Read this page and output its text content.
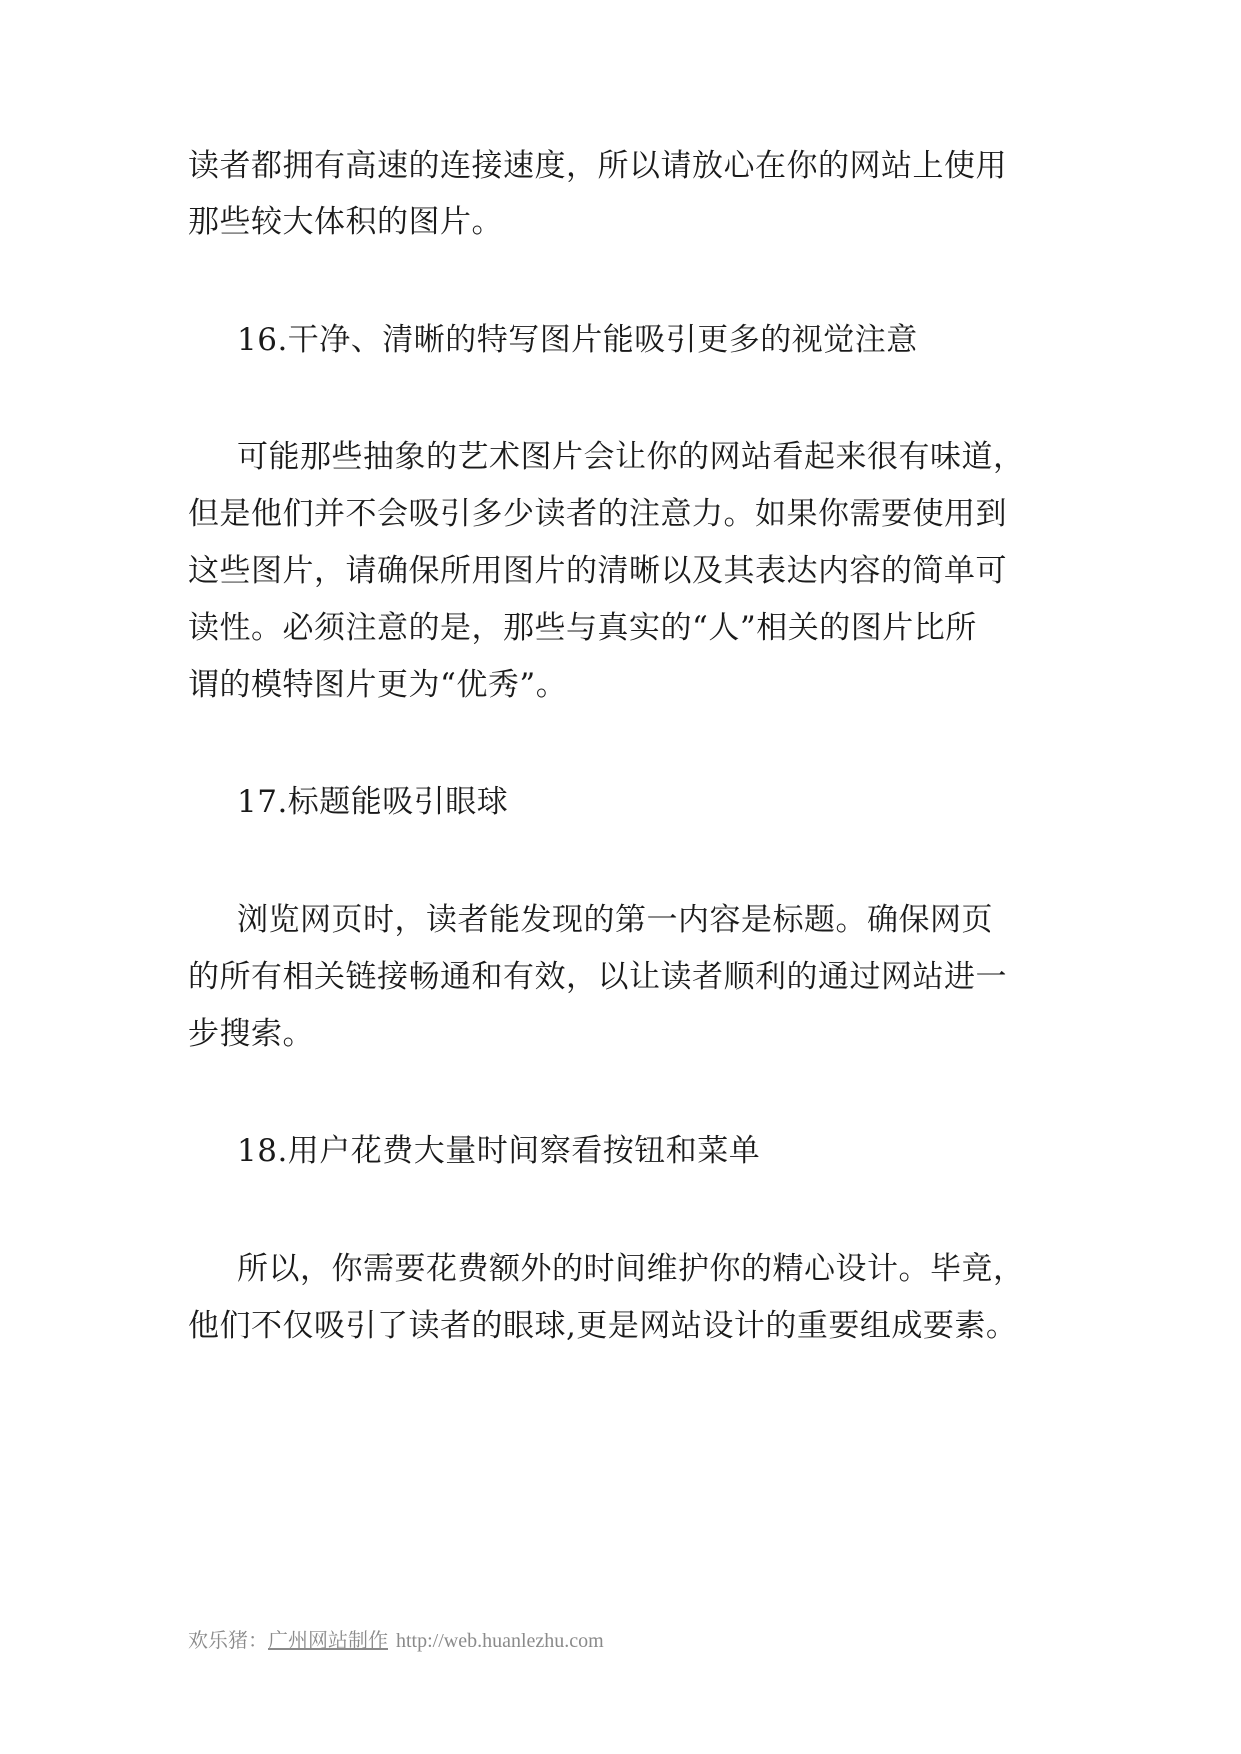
读者都拥有高速的连接速度，所以请放心在你的网站上使用
那些较大体积的图片。
16.干净、清晰的特写图片能吸引更多的视觉注意
可能那些抽象的艺术图片会让你的网站看起来很有味道，
但是他们并不会吸引多少读者的注意力。如果你需要使用到
这些图片，请确保所用图片的清晰以及其表达内容的简单可
读性。必须注意的是，那些与真实的“人”相关的图片比所
谓的模特图片更为“优秀”。
17.标题能吸引眼球
浏览网页时，读者能发现的第一内容是标题。确保网页
的所有相关链接畅通和有效，以让读者顺利的通过网站进一
步搜索。
18.用户花费大量时间察看按钮和菜单
所以，你需要花费额外的时间维护你的精心设计。毕竟，
他们不仅吸引了读者的眼球,更是网站设计的重要组成要素。
欢乐猪：广州网站制作 http://web.huanlezhu.com
